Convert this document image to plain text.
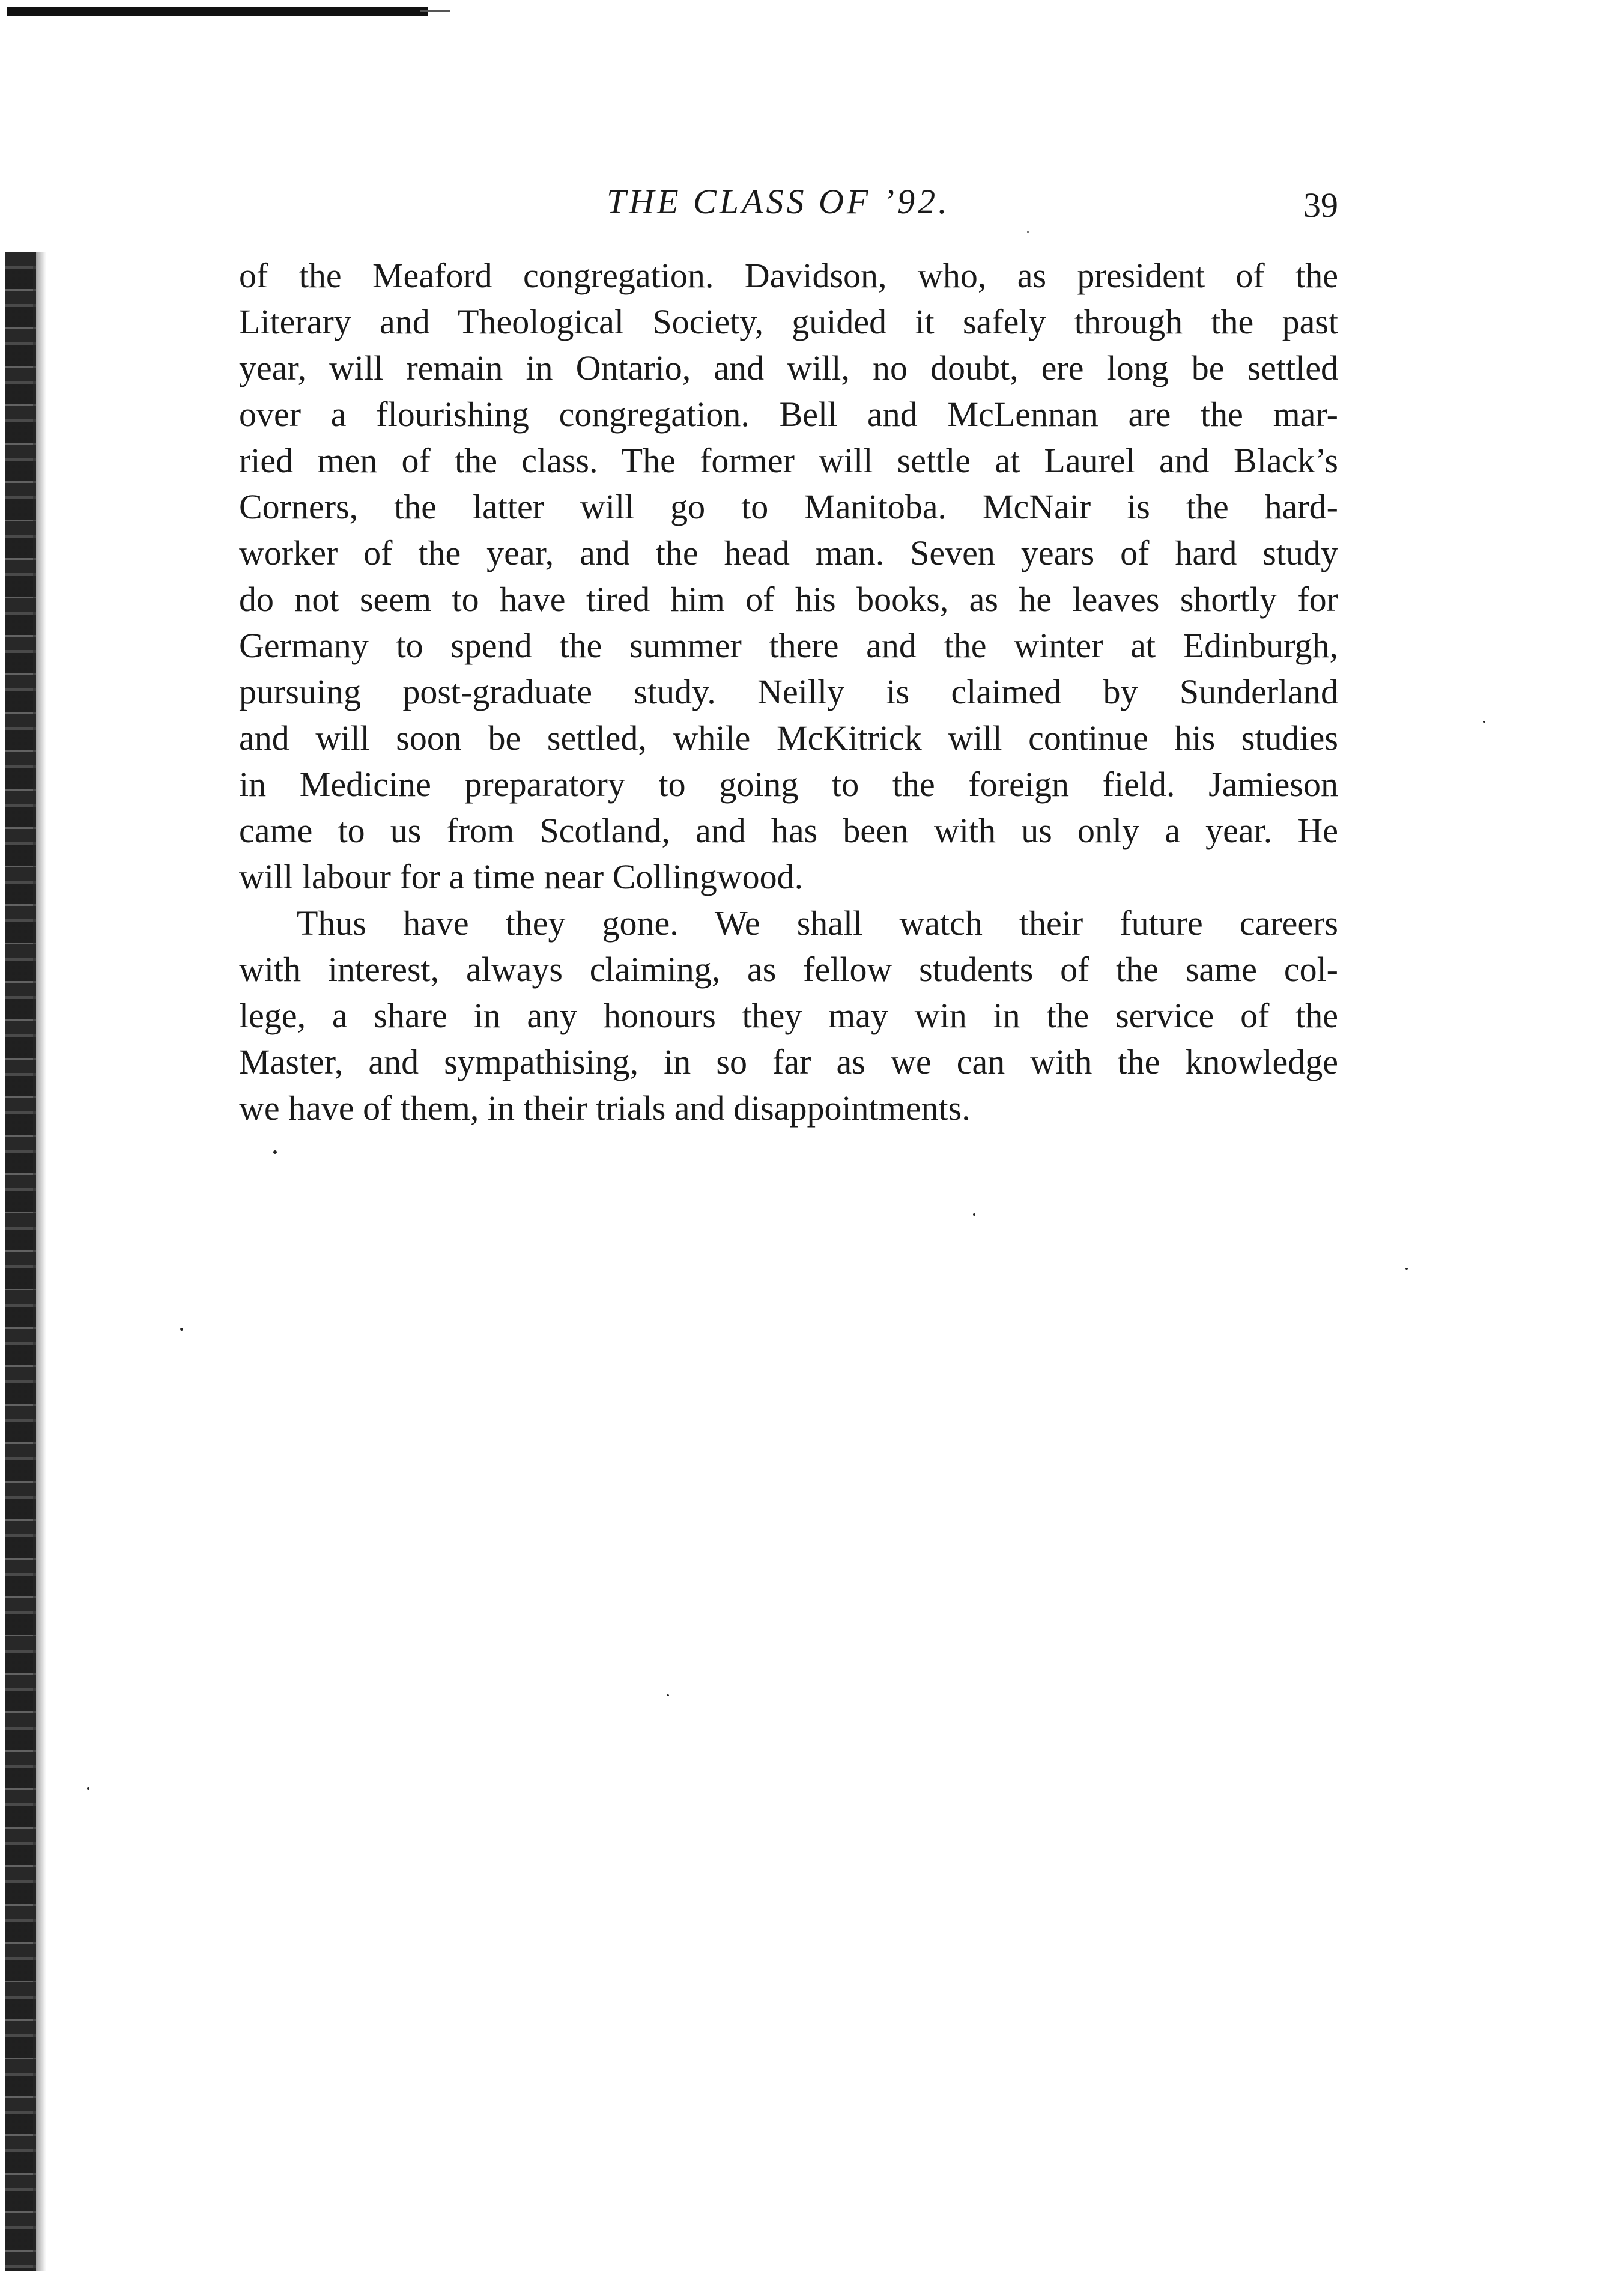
THE CLASS OF ’92.	39
of the Meaford congregation. Davidson, who, as president of the
Literary and Theological Society, guided it safely through the past
year, will remain in Ontario, and will, no doubt, ere long be settled
over a flourishing congregation. Bell and McLennan are the mar-
ried men of the class. The former will settle at Laurel and Black’s
Corners, the latter will go to Manitoba. McNair is the hard-
worker of the year, and the head man. Seven years of hard study
do not seem to have tired him of his books, as he leaves shortly for
Germany to spend the summer there and the winter at Edinburgh,
pursuing post-graduate study. Neilly is claimed by Sunderland
and will soon be settled, while McKitrick will continue his studies
in Medicine preparatory to going to the foreign field. Jamieson
came to us from Scotland, and has been with us only a year. He
will labour for a time near Collingwood.
Thus have they gone. We shall watch their future careers
with interest, always claiming, as fellow students of the same col-
lege, a share in any honours they may win in the service of the
Master, and sympathising, in so far as we can with the knowledge
we have of them, in their trials and disappointments.
